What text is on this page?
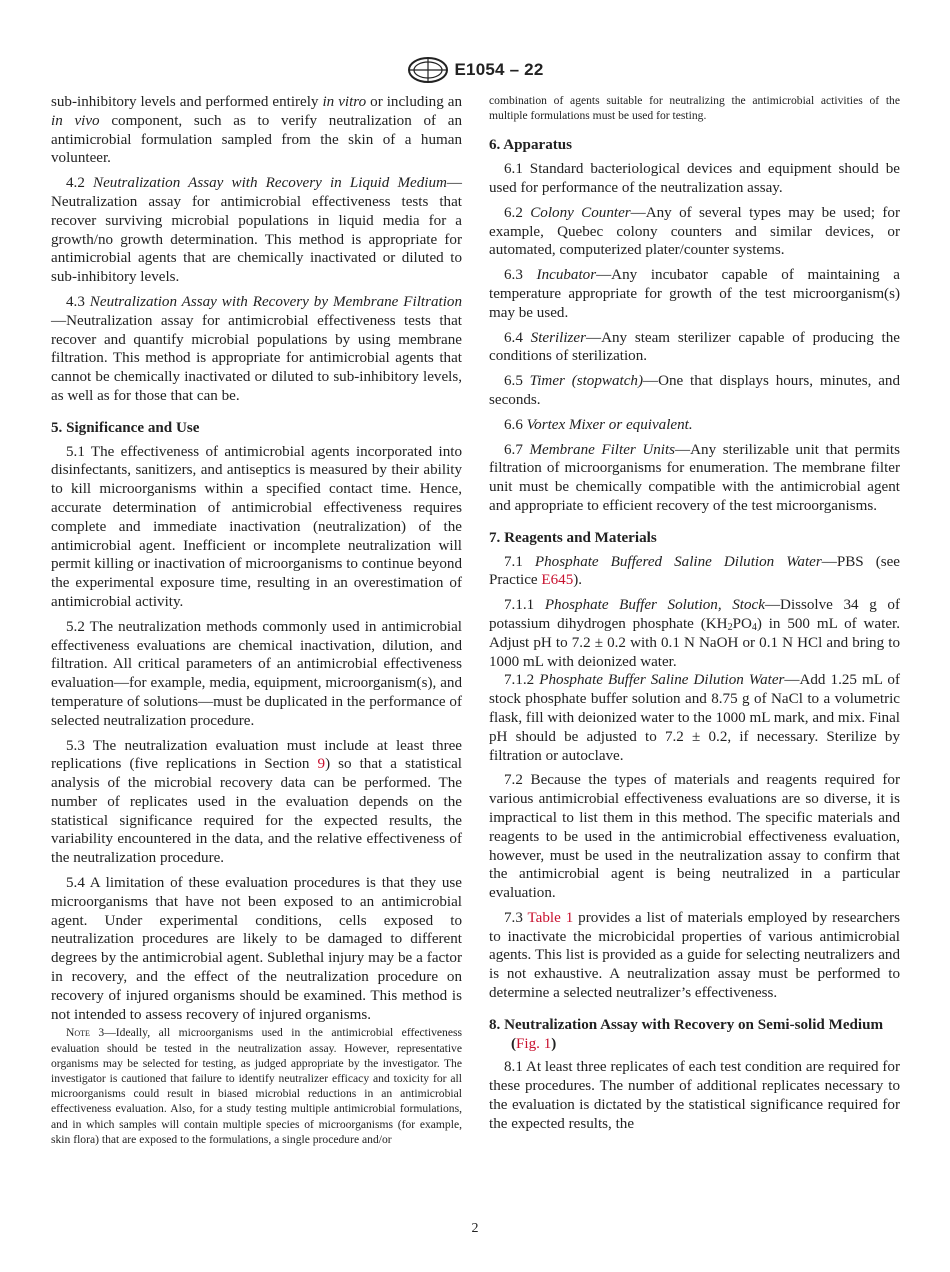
E1054 – 22

sub-inhibitory levels and performed entirely in vitro or including an in vivo component, such as to verify neutralization of an antimicrobial formulation sampled from the skin of a human volunteer.

4.2 Neutralization Assay with Recovery in Liquid Medium—Neutralization assay for antimicrobial effectiveness tests that recover surviving microbial populations in liquid media for a growth/no growth determination. This method is appropriate for antimicrobial agents that are chemically inactivated or diluted to sub-inhibitory levels.

4.3 Neutralization Assay with Recovery by Membrane Filtration—Neutralization assay for antimicrobial effectiveness tests that recover and quantify microbial populations by using membrane filtration. This method is appropriate for antimicrobial agents that cannot be chemically inactivated or diluted to sub-inhibitory levels, as well as for those that can be.

5. Significance and Use

5.1 The effectiveness of antimicrobial agents incorporated into disinfectants, sanitizers, and antiseptics is measured by their ability to kill microorganisms within a specified contact time. Hence, accurate determination of antimicrobial effectiveness requires complete and immediate inactivation (neutralization) of the antimicrobial agent. Inefficient or incomplete neutralization will permit killing or inactivation of microorganisms to continue beyond the experimental exposure time, resulting in an overestimation of antimicrobial activity.

5.2 The neutralization methods commonly used in antimicrobial effectiveness evaluations are chemical inactivation, dilution, and filtration. All critical parameters of an antimicrobial effectiveness evaluation—for example, media, equipment, microorganism(s), and temperature of solutions—must be duplicated in the performance of selected neutralization procedure.

5.3 The neutralization evaluation must include at least three replications (five replications in Section 9) so that a statistical analysis of the microbial recovery data can be performed. The number of replicates used in the evaluation depends on the statistical significance required for the expected results, the variability encountered in the data, and the relative effectiveness of the neutralization procedure.

5.4 A limitation of these evaluation procedures is that they use microorganisms that have not been exposed to an antimicrobial agent. Under experimental conditions, cells exposed to neutralization procedures are likely to be damaged to different degrees by the antimicrobial agent. Sublethal injury may be a factor in recovery, and the effect of the neutralization procedure on recovery of injured organisms should be examined. This method is not intended to assess recovery of injured organisms.

Note 3—Ideally, all microorganisms used in the antimicrobial effectiveness evaluation should be tested in the neutralization assay. However, representative organisms may be selected for testing, as judged appropriate by the investigator. The investigator is cautioned that failure to identify neutralizer efficacy and toxicity for all microorganisms could result in biased microbial reductions in an antimicrobial effectiveness evaluation. Also, for a study testing multiple antimicrobial formulations, and in which samples will contain multiple species of microorganisms (for example, skin flora) that are exposed to the formulations, a single procedure and/or
combination of agents suitable for neutralizing the antimicrobial activities of the multiple formulations must be used for testing.
6. Apparatus

6.1 Standard bacteriological devices and equipment should be used for performance of the neutralization assay.

6.2 Colony Counter—Any of several types may be used; for example, Quebec colony counters and similar devices, or automated, computerized plater/counter systems.

6.3 Incubator—Any incubator capable of maintaining a temperature appropriate for growth of the test microorganism(s) may be used.

6.4 Sterilizer—Any steam sterilizer capable of producing the conditions of sterilization.

6.5 Timer (stopwatch)—One that displays hours, minutes, and seconds.

6.6 Vortex Mixer or equivalent.

6.7 Membrane Filter Units—Any sterilizable unit that permits filtration of microorganisms for enumeration. The membrane filter unit must be chemically compatible with the antimicrobial agent and appropriate to efficient recovery of the test microorganisms.

7. Reagents and Materials

7.1 Phosphate Buffered Saline Dilution Water—PBS (see Practice E645).

7.1.1 Phosphate Buffer Solution, Stock—Dissolve 34 g of potassium dihydrogen phosphate $(KH_2PO_4)$ in 500 mL of water. Adjust pH to 7.2 ± 0.2 with 0.1 N NaOH or 0.1 N HCl and bring to 1000 mL with deionized water.

7.1.2 Phosphate Buffer Saline Dilution Water—Add 1.25 mL of stock phosphate buffer solution and 8.75 g of NaCl to a volumetric flask, fill with deionized water to the 1000 mL mark, and mix. Final pH should be adjusted to 7.2 ± 0.2, if necessary. Sterilize by filtration or autoclave.

7.2 Because the types of materials and reagents required for various antimicrobial effectiveness evaluations are so diverse, it is impractical to list them in this method. The specific materials and reagents to be used in the antimicrobial effectiveness evaluation, however, must be used in the neutralization assay to confirm that the antimicrobial agent is being neutralized in a particular evaluation.

7.3 Table 1 provides a list of materials employed by researchers to inactivate the microbicidal properties of various antimicrobial agents. This list is provided as a guide for selecting neutralizers and is not exhaustive. A neutralization assay must be performed to determine a selected neutralizer’s effectiveness.

8. Neutralization Assay with Recovery on Semi-solid Medium (Fig. 1)

8.1 At least three replicates of each test condition are required for these procedures. The number of additional replicates necessary to the evaluation is dictated by the statistical significance required for the expected results, the

2
